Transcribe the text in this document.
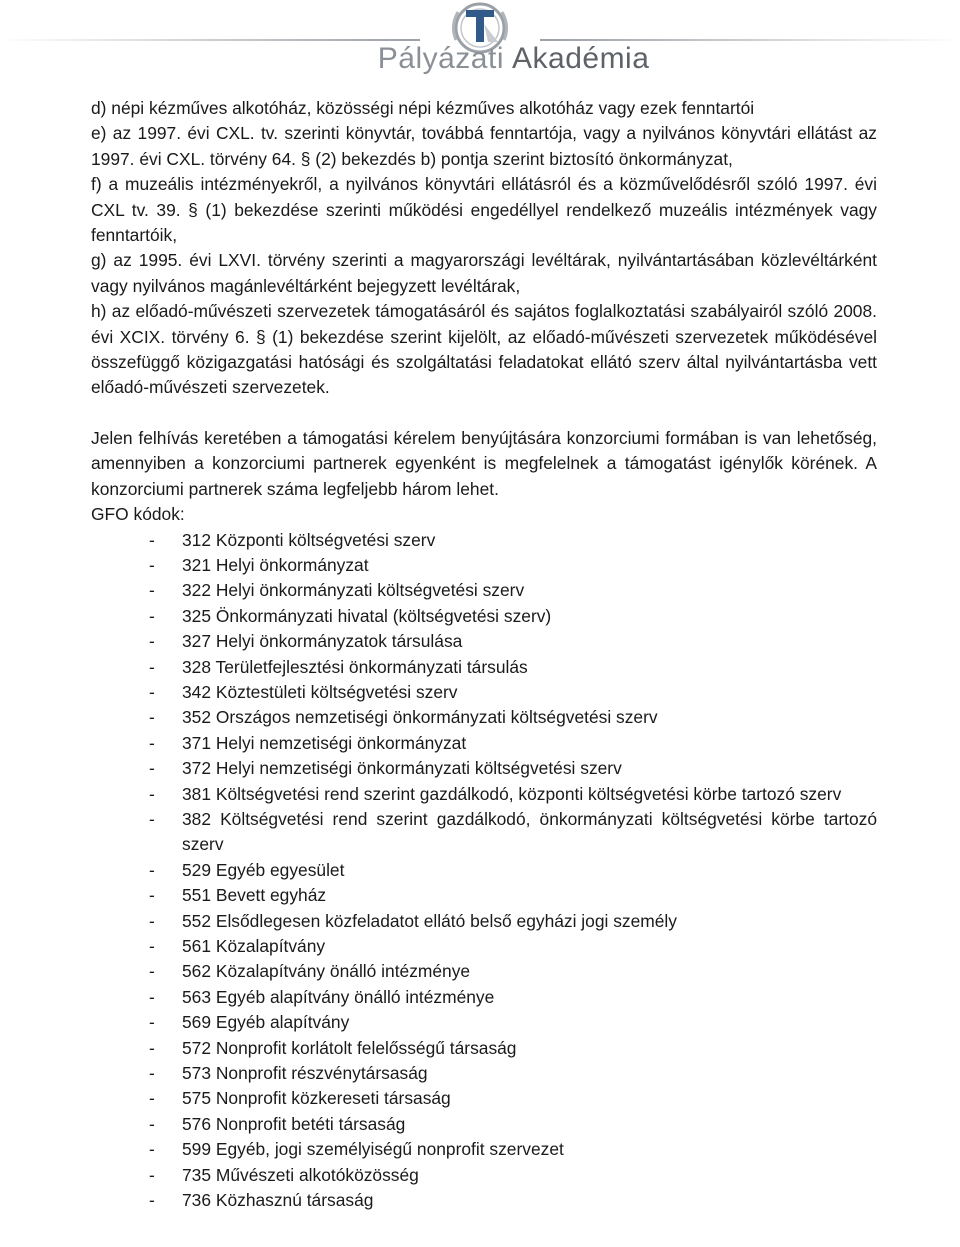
Pályázati Akadémia

d) népi kézműves alkotóház, közösségi népi kézműves alkotóház vagy ezek fenntartói

e) az 1997. évi CXL. tv. szerinti könyvtár, továbbá fenntartója, vagy a nyilvános könyvtári ellátást az 1997. évi CXL. törvény 64. § (2) bekezdés b) pontja szerint biztosító önkormányzat,

f) a muzeális intézményekről, a nyilvános könyvtári ellátásról és a közművelődésről szóló 1997. évi CXL tv. 39. § (1) bekezdése szerinti működési engedéllyel rendelkező muzeális intézmények vagy fenntartóik,

g) az 1995. évi LXVI. törvény szerinti a magyarországi levéltárak, nyilvántartásában közlevéltárként vagy nyilvános magánlevéltárként bejegyzett levéltárak,

h) az előadó-művészeti szervezetek támogatásáról és sajátos foglalkoztatási szabályairól szóló 2008. évi XCIX. törvény 6. § (1) bekezdése szerint kijelölt, az előadó-művészeti szervezetek működésével összefüggő közigazgatási hatósági és szolgáltatási feladatokat ellátó szerv által nyilvántartásba vett előadó-művészeti szervezetek.

Jelen felhívás keretében a támogatási kérelem benyújtására konzorciumi formában is van lehetőség, amennyiben a konzorciumi partnerek egyenként is megfelelnek a támogatást igénylők körének. A konzorciumi partnerek száma legfeljebb három lehet.

GFO kódok:

- 312 Központi költségvetési szerv
- 321 Helyi önkormányzat
- 322 Helyi önkormányzati költségvetési szerv
- 325 Önkormányzati hivatal (költségvetési szerv)
- 327 Helyi önkormányzatok társulása
- 328 Területfejlesztési önkormányzati társulás
- 342 Köztestületi költségvetési szerv
- 352 Országos nemzetiségi önkormányzati költségvetési szerv
- 371 Helyi nemzetiségi önkormányzat
- 372 Helyi nemzetiségi önkormányzati költségvetési szerv
- 381 Költségvetési rend szerint gazdálkodó, központi költségvetési körbe tartozó szerv
- 382 Költségvetési rend szerint gazdálkodó, önkormányzati költségvetési körbe tartozó szerv
- 529 Egyéb egyesület
- 551 Bevett egyház
- 552 Elsődlegesen közfeladatot ellátó belső egyházi jogi személy
- 561 Közalapítvány
- 562 Közalapítvány önálló intézménye
- 563 Egyéb alapítvány önálló intézménye
- 569 Egyéb alapítvány
- 572 Nonprofit korlátolt felelősségű társaság
- 573 Nonprofit részvénytársaság
- 575 Nonprofit közkereseti társaság
- 576 Nonprofit betéti társaság
- 599 Egyéb, jogi személyiségű nonprofit szervezet
- 735 Művészeti alkotóközösség
- 736 Közhasznú társaság
